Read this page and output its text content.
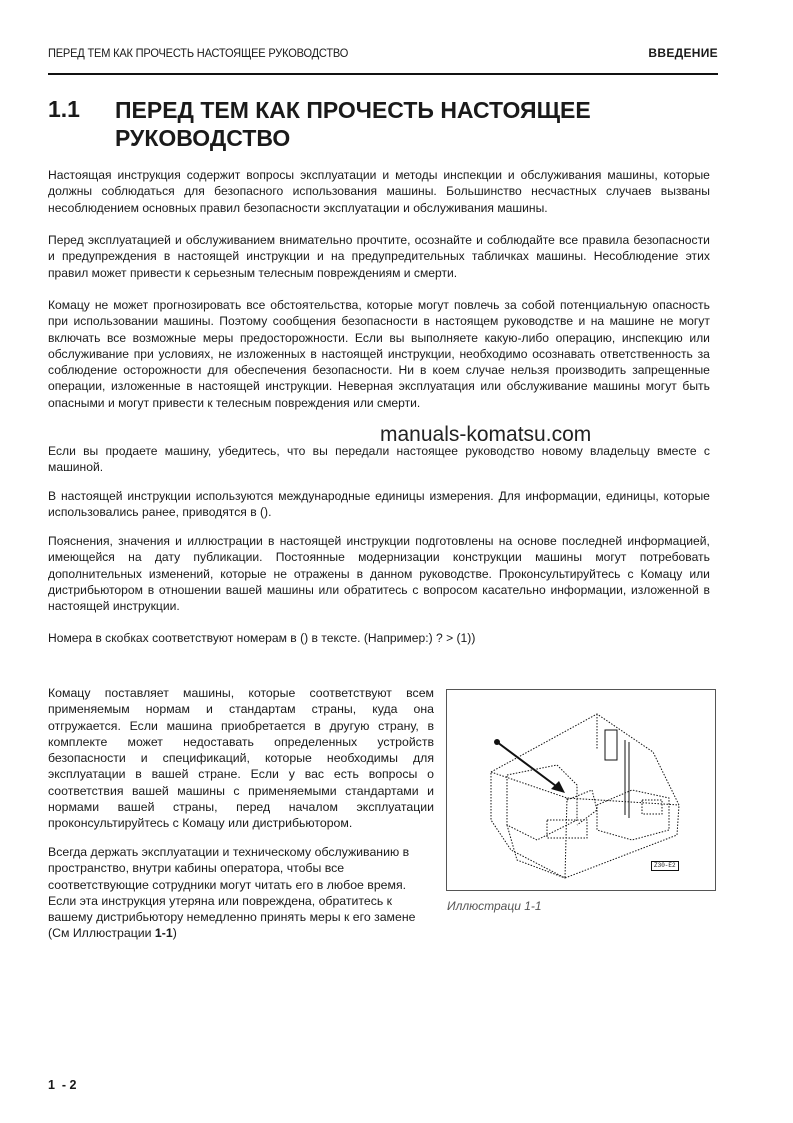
ПЕРЕД ТЕМ КАК ПРОЧЕСТЬ НАСТОЯЩЕЕ РУКОВОДСТВО	ВВЕДЕНИЕ
1.1 ПЕРЕД ТЕМ КАК ПРОЧЕСТЬ НАСТОЯЩЕЕ РУКОВОДСТВО

Настоящая инструкция содержит вопросы эксплуатации и методы инспекции и обслуживания машины, которые должны соблюдаться для безопасного использования машины. Большинство несчастных случаев вызваны несоблюдением основных правил безопасности эксплуатации и обслуживания машины.

Перед эксплуатацией и обслуживанием внимательно прочтите, осознайте и соблюдайте все правила безопасности и предупреждения в настоящей инструкции и на предупредительных табличках машины. Несоблюдение этих правил может привести к серьезным телесным повреждениям и смерти.

Комацу не может прогнозировать все обстоятельства, которые могут повлечь за собой потенциальную опасность при использовании машины. Поэтому сообщения безопасности в настоящем руководстве и на машине не могут включать все возможные меры предосторожности. Если вы выполняете какую-либо операцию, инспекцию или обслуживание при условиях, не изложенных в настоящей инструкции, необходимо осознавать ответственность за соблюдение осторожности для обеспечения безопасности. Ни в коем случае нельзя производить запрещенные операции, изложенные в настоящей инструкции. Неверная эксплуатация или обслуживание машины могут быть опасными и могут привести к телесным повреждения или смерти.

manuals-komatsu.com

Если вы продаете машину, убедитесь, что вы передали настоящее руководство новому владельцу вместе с машиной.

В настоящей инструкции используются международные единицы измерения. Для информации, единицы, которые использовались ранее, приводятся в ().

Пояснения, значения и иллюстрации в настоящей инструкции подготовлены на основе последней информацией, имеющейся на дату публикации. Постоянные модернизации конструкции машины могут потребовать дополнительных изменений, которые не отражены в данном руководстве. Проконсультируйтесь с Комацу или дистрибьютором в отношении вашей машины или обратитесь с вопросом касательно информации, изложенной в настоящей инструкции.

Номера в скобках соответствуют номерам в () в тексте. (Например:) ? > (1))

Комацу поставляет машины, которые соответствуют всем применяемым нормам и стандартам страны, куда она отгружается. Если машина приобретается в другую страну, в комплекте может недоставать определенных устройств безопасности и спецификаций, которые необходимы для эксплуатации в вашей стране. Если у вас есть вопросы о соответствия вашей машины с применяемыми стандартами и нормами вашей страны, перед началом эксплуатации проконсультируйтесь с Комацу или дистрибьютором.

Всегда держать эксплуатации и техническому обслуживанию в пространство, внутри кабины оператора, чтобы все соответствующие сотрудники могут читать его в любое время. Если эта инструкция утеряна или повреждена, обратитесь к вашему дистрибьютору немедленно принять меры к его замене (См Иллюстрации 1-1)

Z30-E2
Иллюстраци 1-1
1  - 2
